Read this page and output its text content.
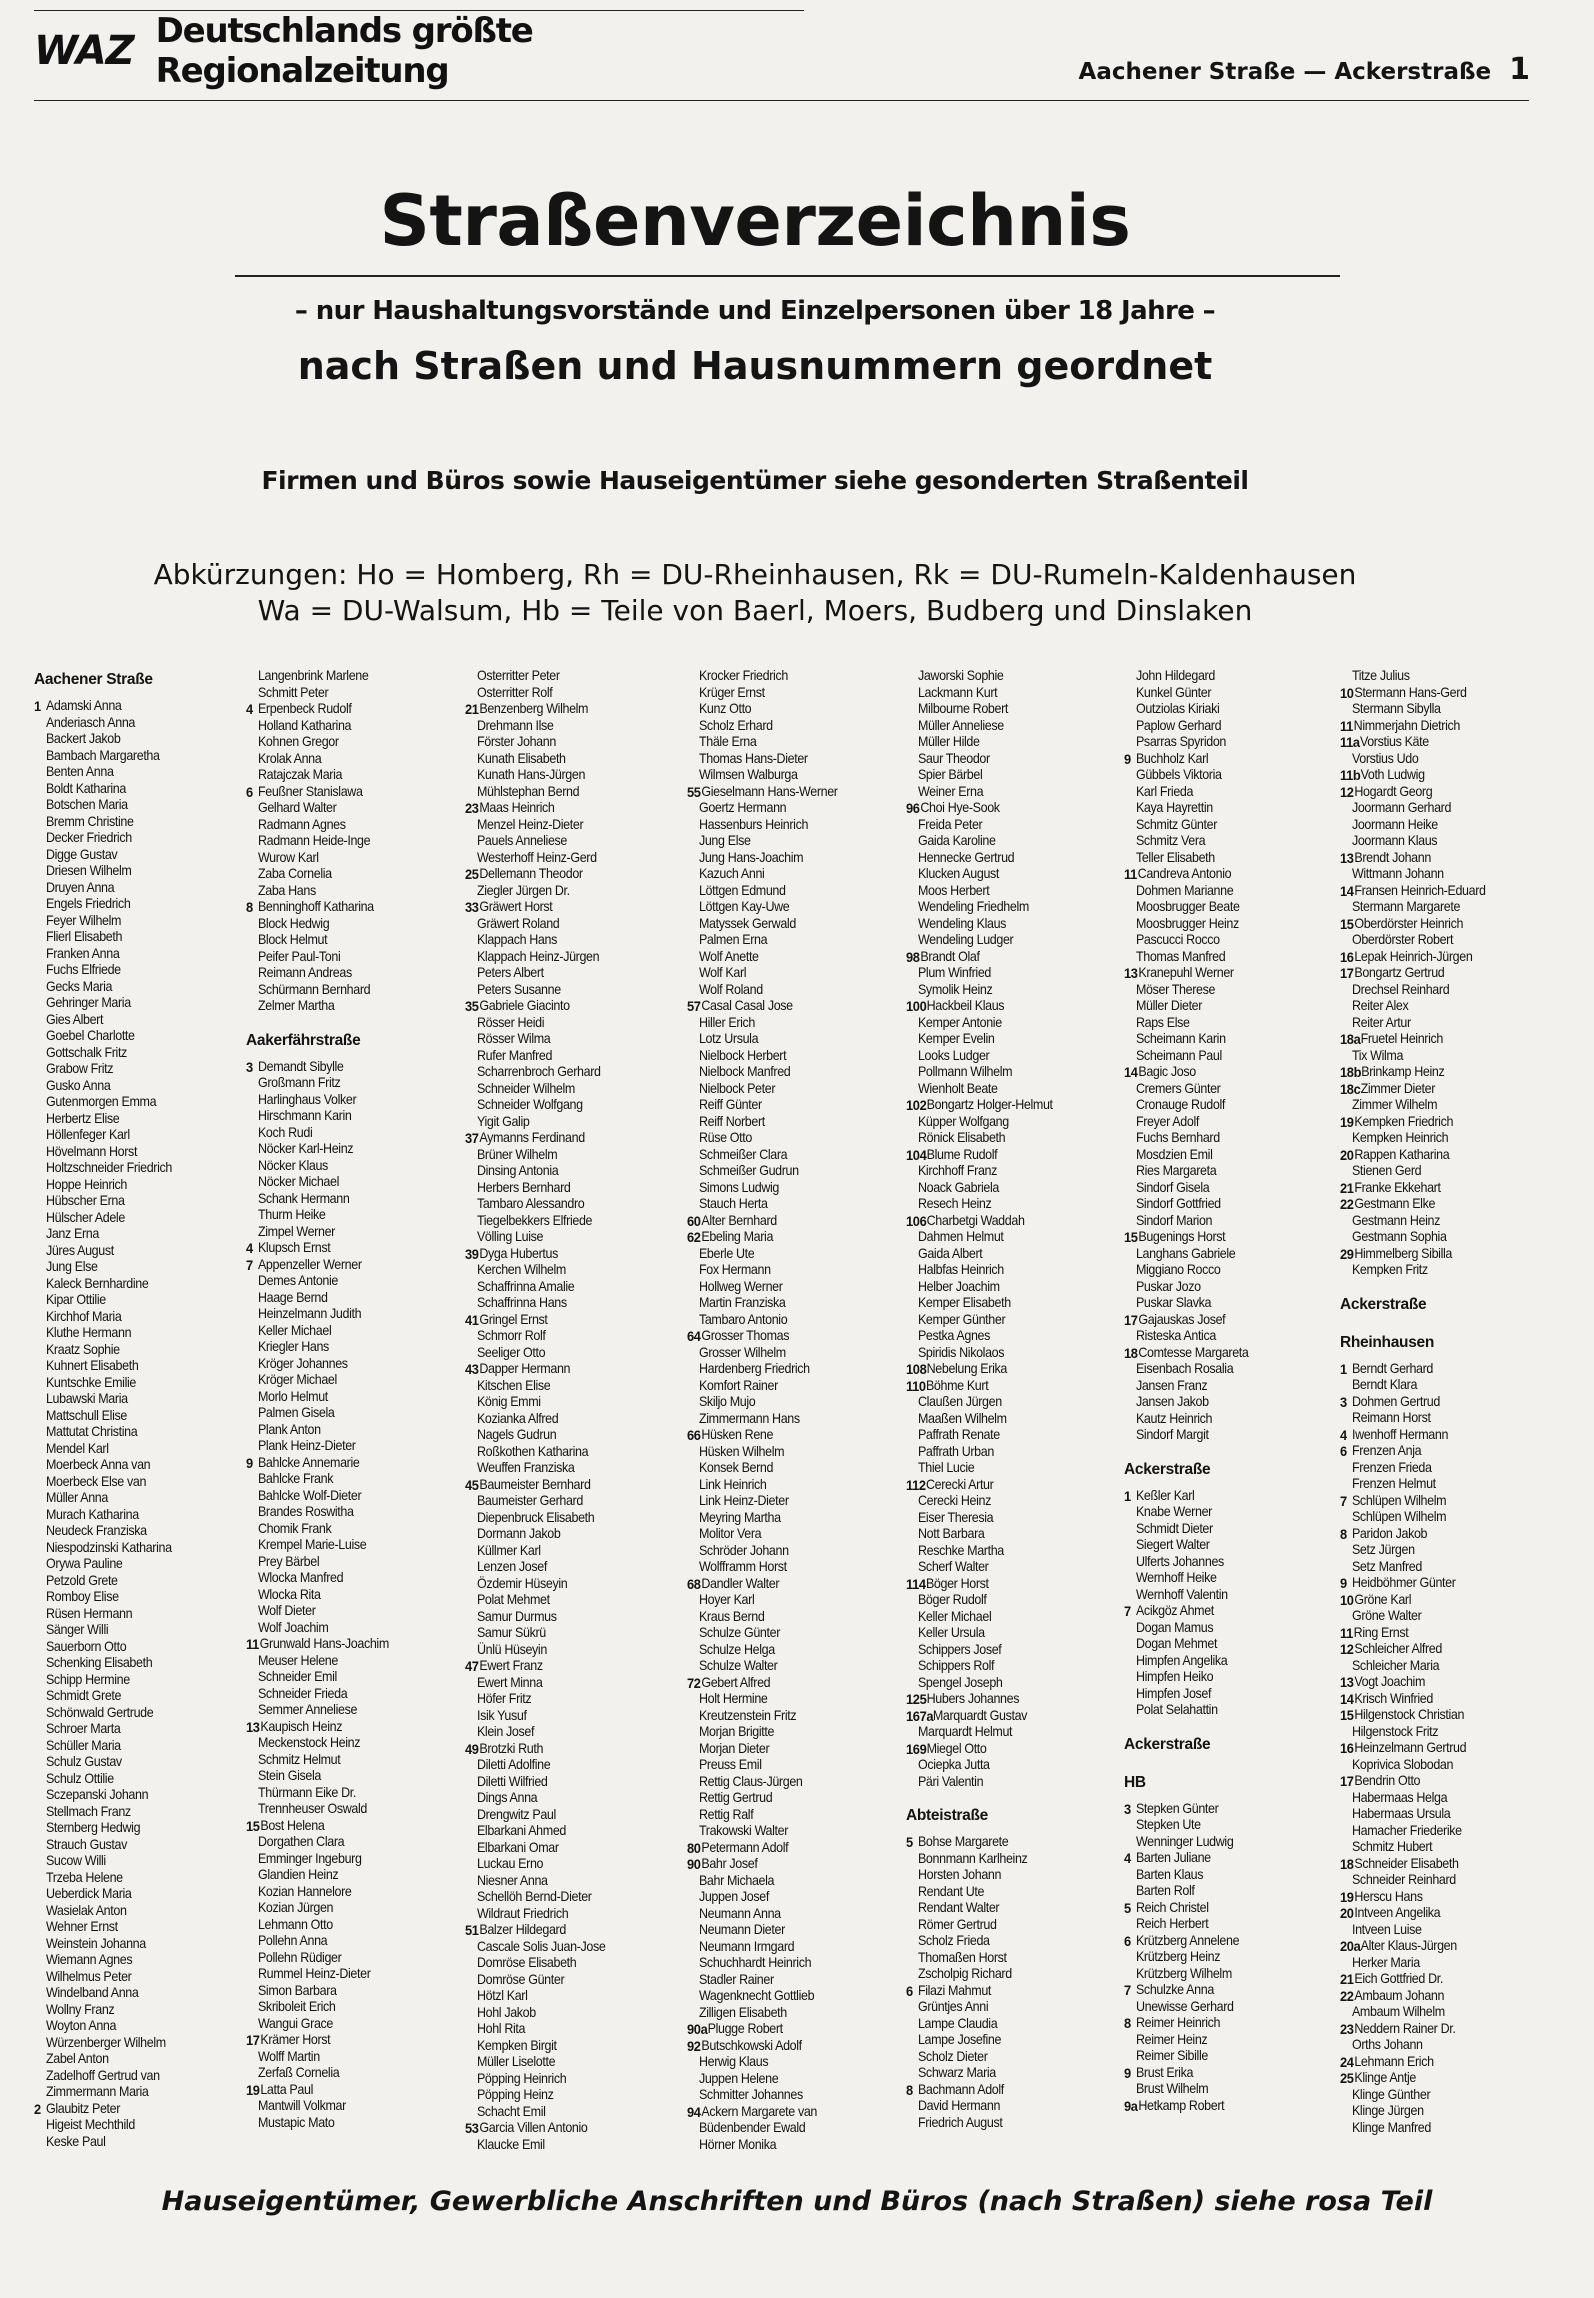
WAZ Deutschlands größte Regionalzeitung	Aachener Straße — Ackerstraße 1
Straßenverzeichnis
– nur Haushaltungsvorstände und Einzelpersonen über 18 Jahre –
nach Straßen und Hausnummern geordnet
Firmen und Büros sowie Hauseigentümer siehe gesonderten Straßenteil
Abkürzungen: Ho = Homberg, Rh = DU-Rheinhausen, Rk = DU-Rumeln-Kaldenhausen
Wa = DU-Walsum, Hb = Teile von Baerl, Moers, Budberg und Dinslaken
Aachener Straße
1 Adamski Anna
Anderiasch Anna
Backert Jakob
Bambach Margaretha
Benten Anna
Boldt Katharina
Botschen Maria
Bremm Christine
Decker Friedrich
Digge Gustav
Driesen Wilhelm
Druyen Anna
Engels Friedrich
Feyer Wilhelm
Flierl Elisabeth
Franken Anna
Fuchs Elfriede
Gecks Maria
Gehringer Maria
Gies Albert
Goebel Charlotte
Gottschalk Fritz
Grabow Fritz
Gusko Anna
Gutenmorgen Emma
Herbertz Elise
Höllenfeger Karl
Hövelmann Horst
Holtzschneider Friedrich
Hoppe Heinrich
Hübscher Erna
Hülscher Adele
Janz Erna
Jüres August
Jung Else
Kaleck Bernhardine
Kipar Ottilie
Kirchhof Maria
Kluthe Hermann
Kraatz Sophie
Kuhnert Elisabeth
Kuntschke Emilie
Lubawski Maria
Mattschull Elise
Mattutat Christina
Mendel Karl
Moerbeck Anna van
Moerbeck Else van
Müller Anna
Murach Katharina
Neudeck Franziska
Niespodzinski Katharina
Orywa Pauline
Petzold Grete
Romboy Elise
Rüsen Hermann
Sänger Willi
Sauerborn Otto
Schenking Elisabeth
Schipp Hermine
Schmidt Grete
Schönwald Gertrude
Schroer Marta
Schüller Maria
Schulz Gustav
Schulz Ottilie
Sczepanski Johann
Stellmach Franz
Sternberg Hedwig
Strauch Gustav
Sucow Willi
Trzeba Helene
Ueberdick Maria
Wasielak Anton
Wehner Ernst
Weinstein Johanna
Wiemann Agnes
Wilhelmus Peter
Windelband Anna
Wollny Franz
Woyton Anna
Würzenberger Wilhelm
Zabel Anton
Zadelhoff Gertrud van
Zimmermann Maria
2 Glaubitz Peter
Higeist Mechthild
Keske Paul
Langenbrink Marlene
Schmitt Peter
4 Erpenbeck Rudolf
Holland Katharina
Kohnen Gregor
Krolak Anna
Ratajczak Maria
6 Feußner Stanislawa
Gelhard Walter
Radmann Agnes
Radmann Heide-Inge
Wurow Karl
Zaba Cornelia
Zaba Hans
8 Benninghoff Katharina
Block Hedwig
Block Helmut
Peifer Paul-Toni
Reimann Andreas
Schürmann Bernhard
Zelmer Martha
Aakerfährstraße
3 Demandt Sibylle
Großmann Fritz
Harlinghaus Volker
Hirschmann Karin
Koch Rudi
Nöcker Karl-Heinz
Nöcker Klaus
Nöcker Michael
Schank Hermann
Thurm Heike
Zimpel Werner
4 Klupsch Ernst
7 Appenzeller Werner
Demes Antonie
Haage Bernd
Heinzelmann Judith
Keller Michael
Kriegler Hans
Kröger Johannes
Kröger Michael
Morlo Helmut
Palmen Gisela
Plank Anton
Plank Heinz-Dieter
9 Bahlcke Annemarie
Bahlcke Frank
Bahlcke Wolf-Dieter
Brandes Roswitha
Chomik Frank
Krempel Marie-Luise
Prey Bärbel
Wlocka Manfred
Wlocka Rita
Wolf Dieter
Wolf Joachim
11 Grunwald Hans-Joachim
Meuser Helene
Schneider Emil
Schneider Frieda
Semmer Anneliese
13 Kaupisch Heinz
Meckenstock Heinz
Schmitz Helmut
Stein Gisela
Thürmann Eike Dr.
Trennheuser Oswald
15 Bost Helena
Dorgathen Clara
Emminger Ingeburg
Glandien Heinz
Kozian Hannelore
Kozian Jürgen
Lehmann Otto
Pollehn Anna
Pollehn Rüdiger
Rummel Heinz-Dieter
Simon Barbara
Skriboleit Erich
Wangui Grace
17 Krämer Horst
Wolff Martin
Zerfaß Cornelia
19 Latta Paul
Mantwill Volkmar
Mustapic Mato
Osterritter Peter
Osterritter Rolf
21 Benzenberg Wilhelm
Drehmann Ilse
Förster Johann
Kunath Elisabeth
Kunath Hans-Jürgen
Mühlstephan Bernd
23 Maas Heinrich
Menzel Heinz-Dieter
Pauels Anneliese
Westerhoff Heinz-Gerd
25 Dellemann Theodor
Ziegler Jürgen Dr.
33 Gräwert Horst
Gräwert Roland
Klappach Hans
Klappach Heinz-Jürgen
Peters Albert
Peters Susanne
35 Gabriele Giacinto
Rösser Heidi
Rösser Wilma
Rufer Manfred
Scharrenbroch Gerhard
Schneider Wilhelm
Schneider Wolfgang
Yigit Galip
37 Aymanns Ferdinand
Brüner Wilhelm
Dinsing Antonia
Herbers Bernhard
Tambaro Alessandro
Tiegelbekkers Elfriede
Völling Luise
39 Dyga Hubertus
Kerchen Wilhelm
Schaffrinna Amalie
Schaffrinna Hans
41 Gringel Ernst
Schmorr Rolf
Seeliger Otto
43 Dapper Hermann
Kitschen Elise
König Emmi
Kozianka Alfred
Nagels Gudrun
Roßkothen Katharina
Weuffen Franziska
45 Baumeister Bernhard
Baumeister Gerhard
Diepenbruck Elisabeth
Dormann Jakob
Küllmer Karl
Lenzen Josef
Özdemir Hüseyin
Polat Mehmet
Samur Durmus
Samur Sükrü
Ünlü Hüseyin
47 Ewert Franz
Ewert Minna
Höfer Fritz
Isik Yusuf
Klein Josef
49 Brotzki Ruth
Diletti Adolfine
Diletti Wilfried
Dings Anna
Drengwitz Paul
Elbarkani Ahmed
Elbarkani Omar
Luckau Erno
Niesner Anna
Schellöh Bernd-Dieter
Wildraut Friedrich
51 Balzer Hildegard
Cascale Solis Juan-Jose
Domröse Elisabeth
Domröse Günter
Hötzl Karl
Hohl Jakob
Hohl Rita
Kempken Birgit
Müller Liselotte
Pöpping Heinrich
Pöpping Heinz
Schacht Emil
53 Garcia Villen Antonio
Klaucke Emil
Krocker Friedrich
Krüger Ernst
Kunz Otto
Scholz Erhard
Thäle Erna
Thomas Hans-Dieter
Wilmsen Walburga
55 Gieselmann Hans-Werner
Goertz Hermann
Hassenburs Heinrich
Jung Else
Jung Hans-Joachim
Kazuch Anni
Löttgen Edmund
Löttgen Kay-Uwe
Matyssek Gerwald
Palmen Erna
Wolf Anette
Wolf Karl
Wolf Roland
57 Casal Casal Jose
Hiller Erich
Lotz Ursula
Nielbock Herbert
Nielbock Manfred
Nielbock Peter
Reiff Günter
Reiff Norbert
Rüse Otto
Schmeißer Clara
Schmeißer Gudrun
Simons Ludwig
Stauch Herta
60 Alter Bernhard
62 Ebeling Maria
Eberle Ute
Fox Hermann
Hollweg Werner
Martin Franziska
Tambaro Antonio
64 Grosser Thomas
Grosser Wilhelm
Hardenberg Friedrich
Komfort Rainer
Skiljo Mujo
Zimmermann Hans
66 Hüsken Rene
Hüsken Wilhelm
Konsek Bernd
Link Heinrich
Link Heinz-Dieter
Meyring Martha
Molitor Vera
Schröder Johann
Wolfframm Horst
68 Dandler Walter
Hoyer Karl
Kraus Bernd
Schulze Günter
Schulze Helga
Schulze Walter
72 Gebert Alfred
Holt Hermine
Kreutzenstein Fritz
Morjan Brigitte
Morjan Dieter
Preuss Emil
Rettig Claus-Jürgen
Rettig Gertrud
Rettig Ralf
Trakowski Walter
80 Petermann Adolf
90 Bahr Josef
Bahr Michaela
Juppen Josef
Neumann Anna
Neumann Dieter
Neumann Irmgard
Schuchhardt Heinrich
Stadler Rainer
Wagenknecht Gottlieb
Zilligen Elisabeth
90a Plugge Robert
92 Butschkowski Adolf
Herwig Klaus
Juppen Helene
Schmitter Johannes
94 Ackern Margarete van
Büdenbender Ewald
Hörner Monika
Jaworski Sophie
Lackmann Kurt
Milbourne Robert
Müller Anneliese
Müller Hilde
Saur Theodor
Spier Bärbel
Weiner Erna
96 Choi Hye-Sook
Freida Peter
Gaida Karoline
Hennecke Gertrud
Klucken August
Moos Herbert
Wendeling Friedhelm
Wendeling Klaus
Wendeling Ludger
98 Brandt Olaf
Plum Winfried
Symolik Heinz
100 Hackbeil Klaus
Kemper Antonie
Kemper Evelin
Looks Ludger
Pollmann Wilhelm
Wienholt Beate
102 Bongartz Holger-Helmut
Küpper Wolfgang
Rönick Elisabeth
104 Blume Rudolf
Kirchhoff Franz
Noack Gabriela
Resech Heinz
106 Charbetgi Waddah
Dahmen Helmut
Gaida Albert
Halbfas Heinrich
Helber Joachim
Kemper Elisabeth
Kemper Günther
Pestka Agnes
Spiridis Nikolaos
108 Nebelung Erika
110 Böhme Kurt
Claußen Jürgen
Maaßen Wilhelm
Paffrath Renate
Paffrath Urban
Thiel Lucie
112 Cerecki Artur
Cerecki Heinz
Eiser Theresia
Nott Barbara
Reschke Martha
Scherf Walter
114 Böger Horst
Böger Rudolf
Keller Michael
Keller Ursula
Schippers Josef
Schippers Rolf
Spengel Joseph
125 Hubers Johannes
167a Marquardt Gustav
Marquardt Helmut
169 Miegel Otto
Ociepka Jutta
Päri Valentin
Abteistraße
5 Bohse Margarete
Bonnmann Karlheinz
Horsten Johann
Rendant Ute
Rendant Walter
Römer Gertrud
Scholz Frieda
Thomaßen Horst
Zscholpig Richard
6 Filazi Mahmut
Grüntjes Anni
Lampe Claudia
Lampe Josefine
Scholz Dieter
Schwarz Maria
8 Bachmann Adolf
David Hermann
Friedrich August
John Hildegard
Kunkel Günter
Outziolas Kiriaki
Paplow Gerhard
Psarras Spyridon
9 Buchholz Karl
Gübbels Viktoria
Karl Frieda
Kaya Hayrettin
Schmitz Günter
Schmitz Vera
Teller Elisabeth
11 Candreva Antonio
Dohmen Marianne
Moosbrugger Beate
Moosbrugger Heinz
Pascucci Rocco
Thomas Manfred
13 Kranepuhl Werner
Möser Therese
Müller Dieter
Raps Else
Scheimann Karin
Scheimann Paul
14 Bagic Joso
Cremers Günter
Cronauge Rudolf
Freyer Adolf
Fuchs Bernhard
Mosdzien Emil
Ries Margareta
Sindorf Gisela
Sindorf Gottfried
Sindorf Marion
15 Bugenings Horst
Langhans Gabriele
Miggiano Rocco
Puskar Jozo
Puskar Slavka
17 Gajauskas Josef
Risteska Antica
18 Comtesse Margareta
Eisenbach Rosalia
Jansen Franz
Jansen Jakob
Kautz Heinrich
Sindorf Margit
Ackerstraße
1 Keßler Karl
Knabe Werner
Schmidt Dieter
Siegert Walter
Ulferts Johannes
Wernhoff Heike
Wernhoff Valentin
7 Acikgöz Ahmet
Dogan Mamus
Dogan Mehmet
Himpfen Angelika
Himpfen Heiko
Himpfen Josef
Polat Selahattin
Ackerstraße
HB
3 Stepken Günter
Stepken Ute
Wenninger Ludwig
4 Barten Juliane
Barten Klaus
Barten Rolf
5 Reich Christel
Reich Herbert
6 Krützberg Annelene
Krützberg Heinz
Krützberg Wilhelm
7 Schulzke Anna
Unewisse Gerhard
8 Reimer Heinrich
Reimer Heinz
Reimer Sibille
9 Brust Erika
Brust Wilhelm
9a Hetkamp Robert
Titze Julius
10 Stermann Hans-Gerd
Stermann Sibylla
11 Nimmerjahn Dietrich
11a Vorstius Käte
Vorstius Udo
11b Voth Ludwig
12 Hogardt Georg
Joormann Gerhard
Joormann Heike
Joormann Klaus
13 Brendt Johann
Wittmann Johann
14 Fransen Heinrich-Eduard
Stermann Margarete
15 Oberdörster Heinrich
Oberdörster Robert
16 Lepak Heinrich-Jürgen
17 Bongartz Gertrud
Drechsel Reinhard
Reiter Alex
Reiter Artur
18a Fruetel Heinrich
Tix Wilma
18b Brinkamp Heinz
18c Zimmer Dieter
Zimmer Wilhelm
19 Kempken Friedrich
Kempken Heinrich
20 Rappen Katharina
Stienen Gerd
21 Franke Ekkehart
22 Gestmann Elke
Gestmann Heinz
Gestmann Sophia
29 Himmelberg Sibilla
Kempken Fritz
Ackerstraße
Rheinhausen
1 Berndt Gerhard
Berndt Klara
3 Dohmen Gertrud
Reimann Horst
4 Iwenhoff Hermann
6 Frenzen Anja
Frenzen Frieda
Frenzen Helmut
7 Schlüpen Wilhelm
Schlüpen Wilhelm
8 Paridon Jakob
Setz Jürgen
Setz Manfred
9 Heidböhmer Günter
10 Gröne Karl
Gröne Walter
11 Ring Ernst
12 Schleicher Alfred
Schleicher Maria
13 Vogt Joachim
14 Krisch Winfried
15 Hilgenstock Christian
Hilgenstock Fritz
16 Heinzelmann Gertrud
Koprivica Slobodan
17 Bendrin Otto
Habermaas Helga
Habermaas Ursula
Hamacher Friederike
Schmitz Hubert
18 Schneider Elisabeth
Schneider Reinhard
19 Herscu Hans
20 Intveen Angelika
Intveen Luise
20a Alter Klaus-Jürgen
Herker Maria
21 Eich Gottfried Dr.
22 Ambaum Johann
Ambaum Wilhelm
23 Neddern Rainer Dr.
Orths Johann
24 Lehmann Erich
25 Klinge Antje
Klinge Günther
Klinge Jürgen
Klinge Manfred
Hauseigentümer, Gewerbliche Anschriften und Büros (nach Straßen) siehe rosa Teil
